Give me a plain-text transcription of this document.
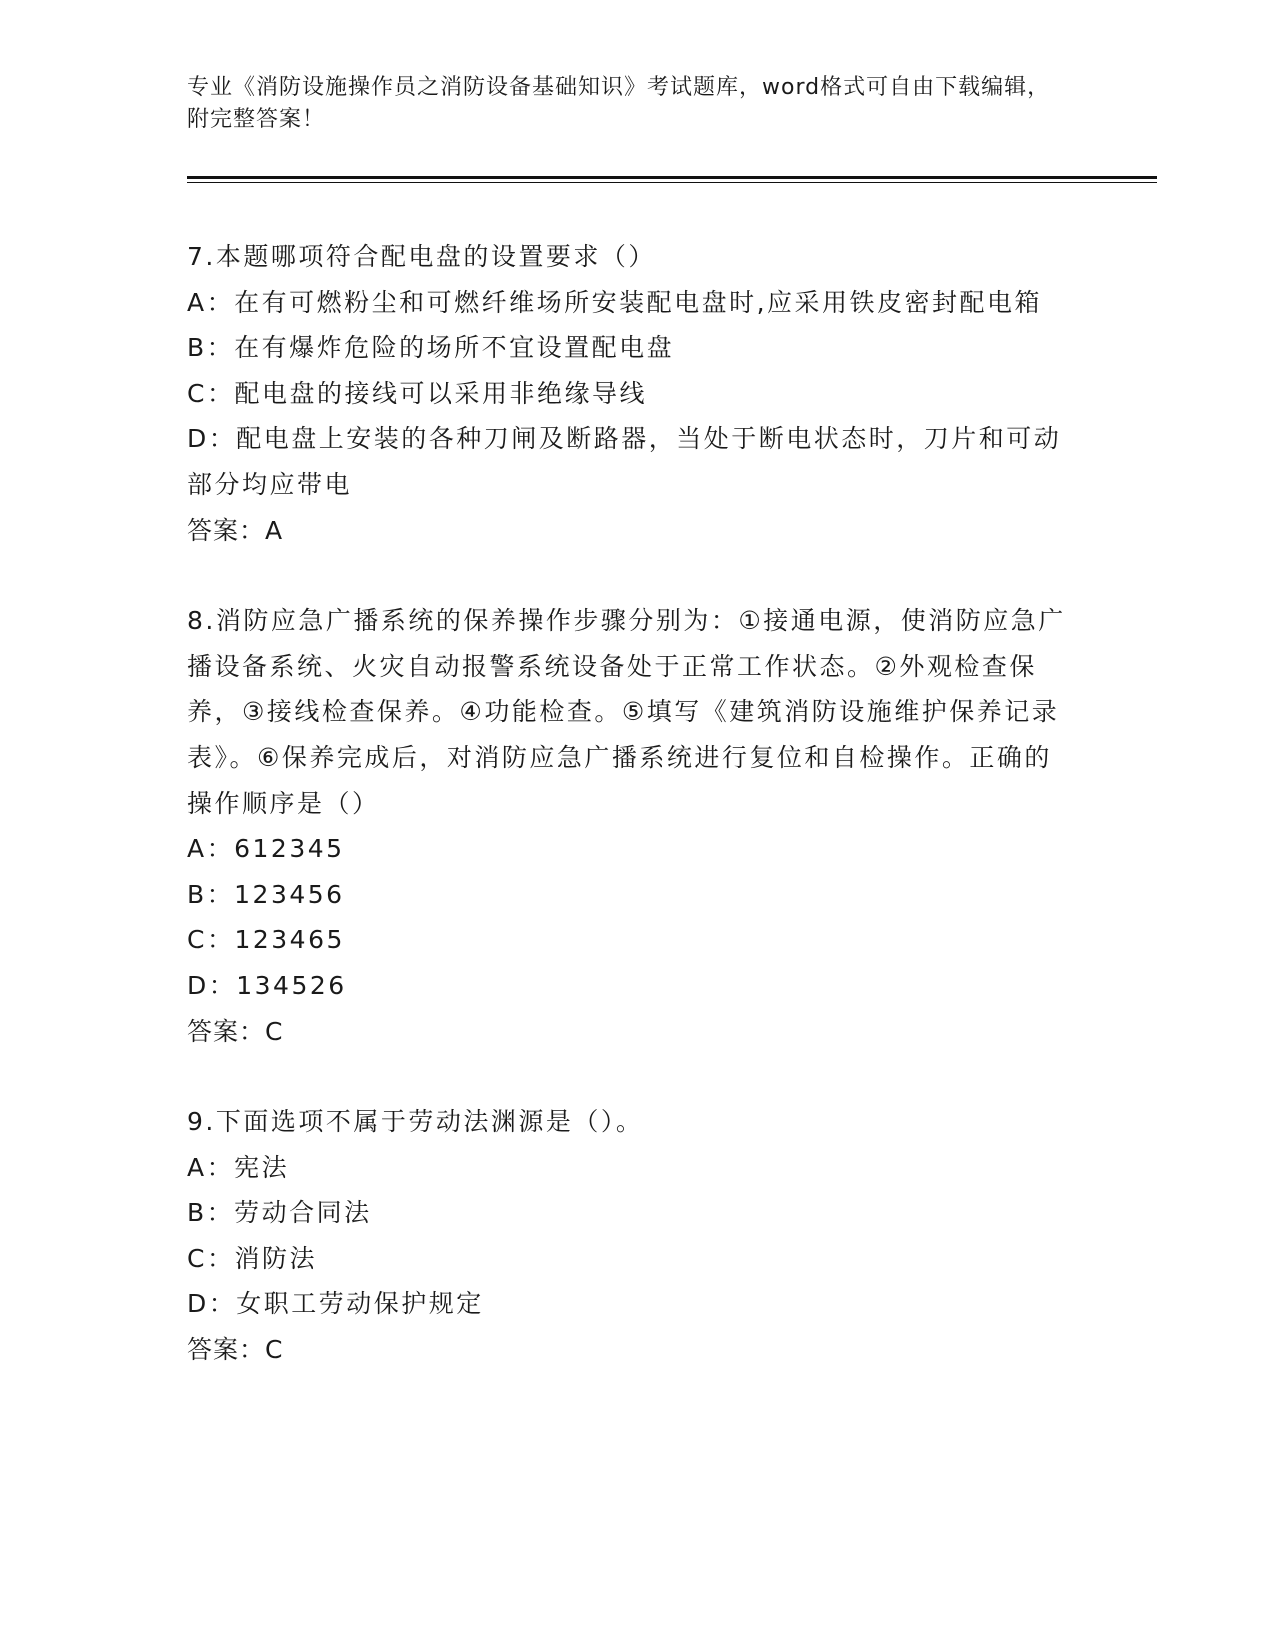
专业《消防设施操作员之消防设备基础知识》考试题库，word格式可自由下载编辑，附完整答案！

7.本题哪项符合配电盘的设置要求（）

A：在有可燃粉尘和可燃纤维场所安装配电盘时,应采用铁皮密封配电箱

B：在有爆炸危险的场所不宜设置配电盘

C：配电盘的接线可以采用非绝缘导线

D：配电盘上安装的各种刀闸及断路器，当处于断电状态时，刀片和可动部分均应带电

答案：A

8.消防应急广播系统的保养操作步骤分别为：①接通电源，使消防应急广播设备系统、火灾自动报警系统设备处于正常工作状态。②外观检查保养，③接线检查保养。④功能检查。⑤填写《建筑消防设施维护保养记录表》。⑥保养完成后，对消防应急广播系统进行复位和自检操作。正确的操作顺序是（）

A：612345

B：123456

C：123465

D：134526

答案：C

9.下面选项不属于劳动法渊源是（）。

A：宪法

B：劳动合同法

C：消防法

D：女职工劳动保护规定

答案：C
